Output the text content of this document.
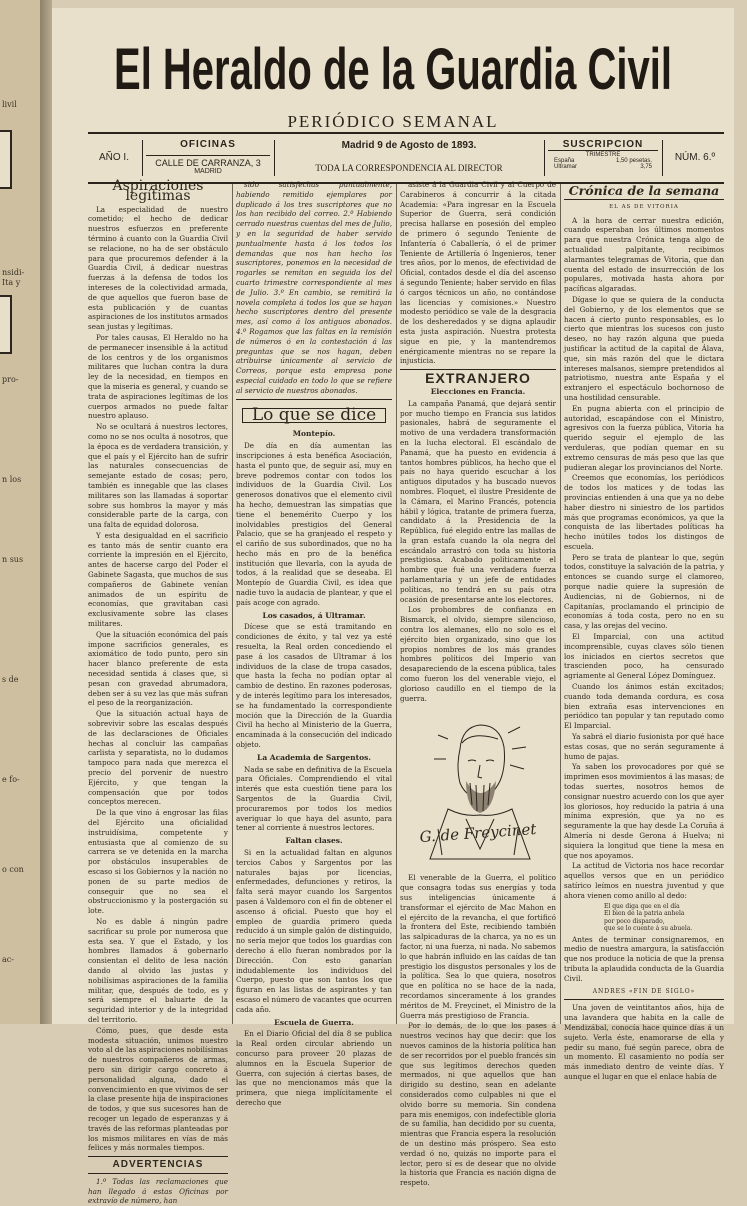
livil
nsidi-
Ita y
pro-
n los
n sus
s de
e fo-
o con
ac-
El Heraldo de la Guardia Civil
PERIÓDICO SEMANAL
AÑO I.
OFICINAS
CALLE DE CARRANZA, 3
MADRID
Madrid 9 de Agosto de 1893.
TODA LA CORRESPONDENCIA AL DIRECTOR
SUSCRIPCION
TRIMESTRE
España	1,50 pesetas.
Ultramar	3,75
NÚM. 6.º
Aspiraciones legítimas

La especialidad de nuestro cometido; el hecho de dedicar nuestros esfuerzos en preferente término á cuanto con la Guardia Civil se relacione, no ha de ser obstáculo para que procuremos defender á la Guardia Civil, á dedicar nuestras fuerzas á la defensa de todos los intereses de la colectividad armada, de que aquellos que fueron base de esta publicación y de cuantas aspiraciones de los institutos armados sean justas y legítimas.

Por tales causas, El Heraldo no ha de permanecer insensible á la actitud de los centros y de los organismos militares que luchan contra la dura ley de la necesidad, en tiempos en que la miseria es general, y cuando se trata de aspiraciones legítimas de los cuerpos armados no puede faltar nuestro aplauso.

No se ocultará á nuestros lectores, como no se nos oculta á nosotros, que la época es de verdadera transición, y que el país y el Ejército han de sufrir las naturales consecuencias de semejante estado de cosas; pero, también es innegable que las clases militares son las llamadas á soportar sobre sus hombros la mayor y más considerable parte de la carga, con una falta de equidad dolorosa.

Y esta desigualdad en el sacrificio es tanto más de sentir cuanto era corriente la impresión en el Ejército, antes de hacerse cargo del Poder el Gabinete Sagasta, que muchos de sus compañeros de Gabinete venían animados de un espíritu de economías, que gravitaban casi exclusivamente sobre las clases militares.

Que la situación económica del país impone sacrificios generales, es axiomático de todo punto, pero sin hacer blanco preferente de esta necesidad sentida á clases que, si pesan con gravedad abrumadora, deben ser á su vez las que más sufran el peso de la reorganización.

Que la situación actual haya de sobrevivir sobre las escalas después de las declaraciones de Oficiales hechas al concluir las campañas carlista y separatista, no lo dudamos tampoco para nada que merezca el precio del porvenir de nuestro Ejército, y que tengan la compensación que por todos conceptos merecen.

De la que vino á engrosar las filas del Ejército una oficialidad instruidísima, competente y entusiasta que al comienzo de su carrera se ve detenida en la marcha por obstáculos insuperables de escaso si los Gobiernos y la nación no ponen de su parte medios de conseguir que no sea el obstruccionismo y la postergación su lote.

No es dable á ningún padre sacrificar su prole por numerosa que esta sea. Y que el Estado, y los hombres llamados á gobernarlo consientan el delito de lesa nación dando al olvido las justas y nobilísimas aspiraciones de la familia militar, que, después de todo, es y será siempre el baluarte de la seguridad interior y de la integridad del territorio.

Cómo, pues, que desde esta modesta situación, unimos nuestro voto al de las aspiraciones nobilísimas de nuestros compañeros de armas, pero sin dirigir cargo concreto á personalidad alguna, dado el convencimiento en que vivimos de ser la clase presente hija de inspiraciones de todos, y que sus sucesores han de recoger un legado de esperanzas y á través de las reformas planteadas por los mismos militares en vías de más felices y más normales tiempos.

ADVERTENCIAS

1.º Todas las reclamaciones que han llegado á estas Oficinas por extravío de número, han

sido satisfechas puntualmente, habiendo remitido ejemplares por duplicado á los tres suscriptores que no los han recibido del correo. 2.º Habiendo cerrado nuestras cuentas del mes de Julio, y en la seguridad de haber servido puntualmente hasta á los todos los demandas que nos han hecho los suscriptores, ponemos en la necesidad de rogarles se remitan en seguida los del cuarto trimestre correspondiente al mes de Julio. 3.º En cambio, se remitirá la novela completa á todos los que se hayan hecho suscriptores dentro del presente mes, así como á los antiguos abonados. 4.º Rogamos que las faltas en la remisión de números ó en la contestación á las preguntas que se nos hagan, deben atribuirse únicamente al servicio de Correos, porque esta empresa pone especial cuidado en todo lo que se refiere al servicio de nuestros abonados.

Lo que se dice
Montepío.

De día en día aumentan las inscripciones á esta benéfica Asociación, hasta el punto que, de seguir así, muy en breve podremos contar con todos los individuos de la Guardia Civil. Los generosos donativos que el elemento civil ha hecho, demuestran las simpatías que tiene el benemérito Cuerpo y los inolvidables prestigios del General Palacio, que se ha granjeado el respeto y el cariño de sus subordinados, que no ha hecho más en pro de la benéfica institución que llevarla, con la ayuda de todos, á la realidad que se deseaba. El Montepío de Guardia Civil, es idea que nadie tuvo la audacia de plantear, y que el país acoge con agrado.

Los casados, á Ultramar.

Dícese que se está tramitando en condiciones de éxito, y tal vez ya esté resuelta, la Real orden concediendo el pase á los casados de Ultramar á los individuos de la clase de tropa casados, que hasta la fecha no podían optar al cambio de destino. En razones poderosas, y de interés legítimo para los interesados, se ha fundamentado la correspondiente moción que la Dirección de la Guardia Civil ha hecho al Ministerio de la Guerra, encaminada á la consecución del indicado objeto.

La Academia de Sargentos.

Nada se sabe en definitiva de la Escuela para Oficiales. Comprendiendo el vital interés que esta cuestión tiene para los Sargentos de la Guardia Civil, procuraremos por todos los medios averiguar lo que haya del asunto, para tener al corriente á nuestros lectores.

Faltan clases.

Si en la actualidad faltan en algunos tercios Cabos y Sargentos por las naturales bajas por licencias, enfermedades, defunciones y retiros, la falta será mayor cuando los Sargentos pasen á Valdemoro con el fin de obtener el ascenso á oficial. Puesto que hoy el empleo de guardia primero queda reducido á un simple galón de distinguido, no sería mejor que todos los guardias con derecho á ello fueran nombrados por la Dirección. Con esto ganarían indudablemente los individuos del Cuerpo, puesto que son tantos los que figuran en las listas de aspirantes y tan escaso el número de vacantes que ocurren cada año.

Escuela de Guerra.

En el Diario Oficial del día 8 se publica la Real orden circular abriendo un concurso para proveer 20 plazas de alumnos en la Escuela Superior de Guerra, con sujeción á ciertas bases, de las que no mencionamos más que la primera, que niega implícitamente el derecho que

asiste á la Guardia Civil y al Cuerpo de Carabineros á concurrir á la citada Academia: «Para ingresar en la Escuela Superior de Guerra, será condición precisa hallarse en posesión del empleo de primero ó segundo Teniente de Infantería ó Caballería, ó el de primer Teniente de Artillería ó Ingenieros, tener tres años, por lo menos, de efectividad de Oficial, contados desde el día del ascenso á segundo Teniente; haber servido en filas ó cargos técnicos un año, no contándose las licencias y comisiones.» Nuestro modesto periódico se vale de la desgracia de los desheredados y se digna aplaudir esta justa aspiración. Nuestra protesta sigue en pie, y la mantendremos enérgicamente mientras no se repare la injusticia.

EXTRANJERO
Elecciones en Francia.

La campaña Panamá, que dejará sentir por mucho tiempo en Francia sus latidos pasionales, habrá de seguramente el motivo de una verdadera transformación en la lucha electoral. El escándalo de Panamá, que ha puesto en evidencia á tantos hombres públicos, ha hecho que el país no haya querido escuchar á los antiguos diputados y ha buscado nuevos nombres. Floquet, el ilustre Presidente de la Cámara, el Marino Francés, potencia hábil y lógica, tratante de primera fuerza, candidato á la Presidencia de la República, fué elegido entre las mallas de la gran estafa cuando la ola negra del escándalo arrastró con toda su historia prestigiosa. Acabado políticamente el hombre que fué una verdadera fuerza parlamentaria y un jefe de entidades políticas, no tendrá en su país otra ocasión de presentarse ante los electores.

Los prohombres de confianza en Bismarck, el olvido, siempre silencioso, contra los alemanes, ello no solo es el ejército bien organizado, sino que los propios nombres de los más grandes hombres políticos del Imperio van desapareciendo de la escena pública, tales como fueron los del venerable viejo, el glorioso caudillo en el tiempo de la guerra.

G. de Freycinet

El venerable de la Guerra, el político que consagra todas sus energías y toda sus inteligencias únicamente á transformar el ejército de Mac Mahon en el ejército de la revancha, el que fortificó la frontera del Este, recibiendo también las salpicaduras de la charca, ya no es un factor, ni una fuerza, ni nada. No sabemos lo que habrán influido en las caídas de tan prestigio los disgustos personales y los de la política. Sea lo que quiera, nosotros que en política no se hace de la nada, recordamos sinceramente á los grandes méritos de M. Freycinet, el Ministro de la Guerra más prestigioso de Francia.

Por lo demás, de lo que los pases á nuestros vecinos hay que decir: que los nuevos caminos de la historia política han de ser recorridos por el pueblo francés sin que sus legítimos derechos queden mermados, ni que aquellos que han dirigido su destino, sean en adelante considerados como culpables ni que el olvido borre su memoria. Sin condena para mis enemigos, con indefectible gloria de su familia, han decidido por su cuenta, mientras que Francia espera la resolución de un destino más próspero. Sea esto verdad ó no, quizás no importe para el lector, pero sí es de desear que no olvide la historia que Francia es nación digna de respeto.

Crónica de la semana
EL AS DE VITORIA

A la hora de cerrar nuestra edición, cuando esperaban los últimos momentos para que nuestra Crónica tenga algo de actualidad palpitante, recibimos alarmantes telegramas de Vitoria, que dan cuenta del estado de insurrección de los populares, motivada hasta ahora por pacíficas algaradas.

Dígase lo que se quiera de la conducta del Gobierno, y de los elementos que se hacen á cierto punto responsables, es lo cierto que mientras los sucesos con justo deseo, no hay razón alguna que pueda justificar la actitud de la capital de Álava, que, sin más razón del que le dictara intereses malsanos, siempre pretendidos al patriotismo, nuestra ante España y el extranjero el espectáculo bochornoso de una hostilidad censurable.

En pugna abierta con el principio de autoridad, escapándose con el Ministro, agresivos con la fuerza pública, Vitoria ha querido seguir el ejemplo de las verduleras, que podían quemar en su extremo censuras de más peso que las que pudieran alegar los provincianos del Norte.

Creemos que economías, los periódicos de todos los matices y de todas las provincias entienden á una que ya no debe haber diestro ni siniestro de los partidos más que programas económicos, ya que la conquista de las libertades políticas ha hecho inútiles todos los distingos de escuela.

Pero se trata de plantear lo que, según todos, constituye la salvación de la patria, y entonces se cuando surge el clamoreo, porque nadie quiere la supresión de Audiencias, ni de Gobiernos, ni de Capitanías, proclamando el principio de economías á toda costa, pero no en su casa, y las orejas del vecino.

El Imparcial, con una actitud incomprensible, cuyas claves sólo tienen los iniciados en ciertos secretos que trascienden poco, ha censurado agriamente al General López Domínguez.

Cuando los ánimos están excitados; cuando toda demanda cordura, es cosa bien extraña esas intervenciones en periódico tan popular y tan reputado como El Imparcial.

Ya sabrá el diario fusionista por qué hace estas cosas, que no serán seguramente á humo de pajas.

Ya saben los provocadores por qué se imprimen esos movimientos á las masas; de todas suertes, nosotros hemos de consignar nuestro acuerdo con los que ayer los gloriosos, hoy reducido la patria á una mínima expresión, que ya no es seguramente la que hay desde La Coruña á Almería ni desde Gerona á Huelva; ni siquiera la longitud que tiene la mesa en que nos apoyamos.

La actitud de Victoria nos hace recordar aquellos versos que en un periódico satírico leímos en nuestra juventud y que ahora vienen como anillo al dedo:

El que diga que en el día
El bien de la patria anhela
por poco disparado,
que se lo cuente á su abuela.

Antes de terminar consignaremos, en medio de nuestra amargura, la satisfacción que nos produce la noticia de que la prensa tributa la aplaudida conducta de la Guardia Civil.

ANDRES «FIN DE SIGLO»

Una joven de veintitantos años, hija de una lavandera que habita en la calle de Mendizábal, conocía hace quince días á un sujeto. Verla éste, enamorarse de ella y pedir su mano, fué según parece, obra de un momento. El casamiento no podía ser más inmediato dentro de veinte días. Y aunque el lugar en que el enlace había de
